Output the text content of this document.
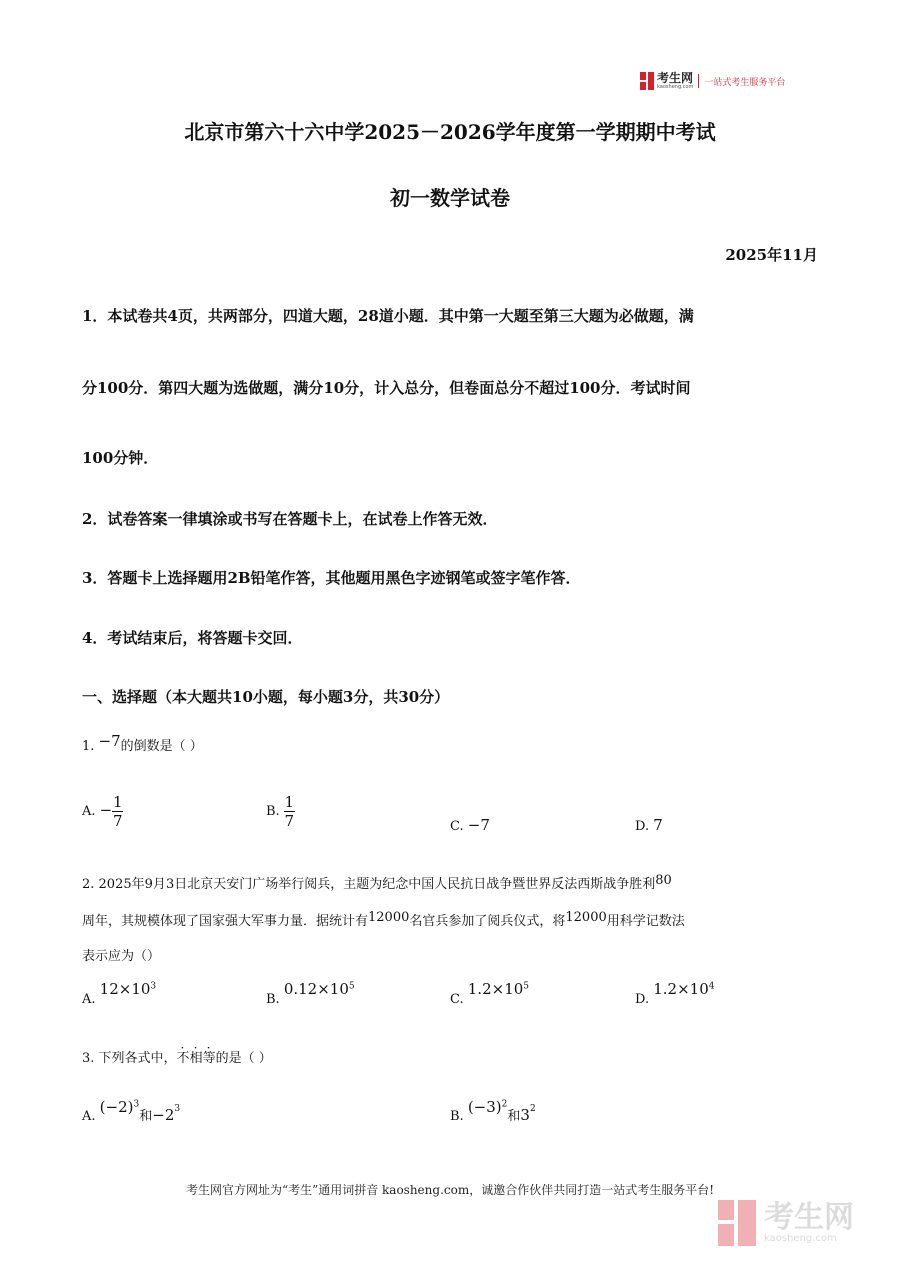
考生网
kaosheng.com 一站式考生服务平台
北京市第六十六中学2025－2026学年度第一学期期中考试
初一数学试卷
2025年11月
1．本试卷共4页，共两部分，四道大题，28道小题．其中第一大题至第三大题为必做题，满
分100分．第四大题为选做题，满分10分，计入总分，但卷面总分不超过100分．考试时间
100分钟．
2．试卷答案一律填涂或书写在答题卡上，在试卷上作答无效．
3．答题卡上选择题用2B铅笔作答，其他题用黑色字迹钢笔或签字笔作答．
4．考试结束后，将答题卡交回．
一、选择题（本大题共10小题，每小题3分，共30分）
1. −7的倒数是（ ）
A. − $\frac{1}{7}$	B. $\frac{1}{7}$	C. −7	D. 7
2. 2025年9月3日北京天安门广场举行阅兵，主题为纪念中国人民抗日战争暨世界反法西斯战争胜利80
周年，其规模体现了国家强大军事力量．据统计有12000名官兵参加了阅兵仪式，将12000用科学记数法
表示应为（）
A. $12\times 10^3$
B. $0.12\times 10^5$
C. $1.2\times 10^5$
D. $1.2\times 10^4$
3. 下列各式中，不相等的是（ ）
A. $(-2)^3$和$-2^3$
B. $(-3)^2$和$3^2$
考生网官方网址为“考生”通用词拼音 kaosheng.com，诚邀合作伙伴共同打造一站式考生服务平台!
考生网
kaosheng.com
